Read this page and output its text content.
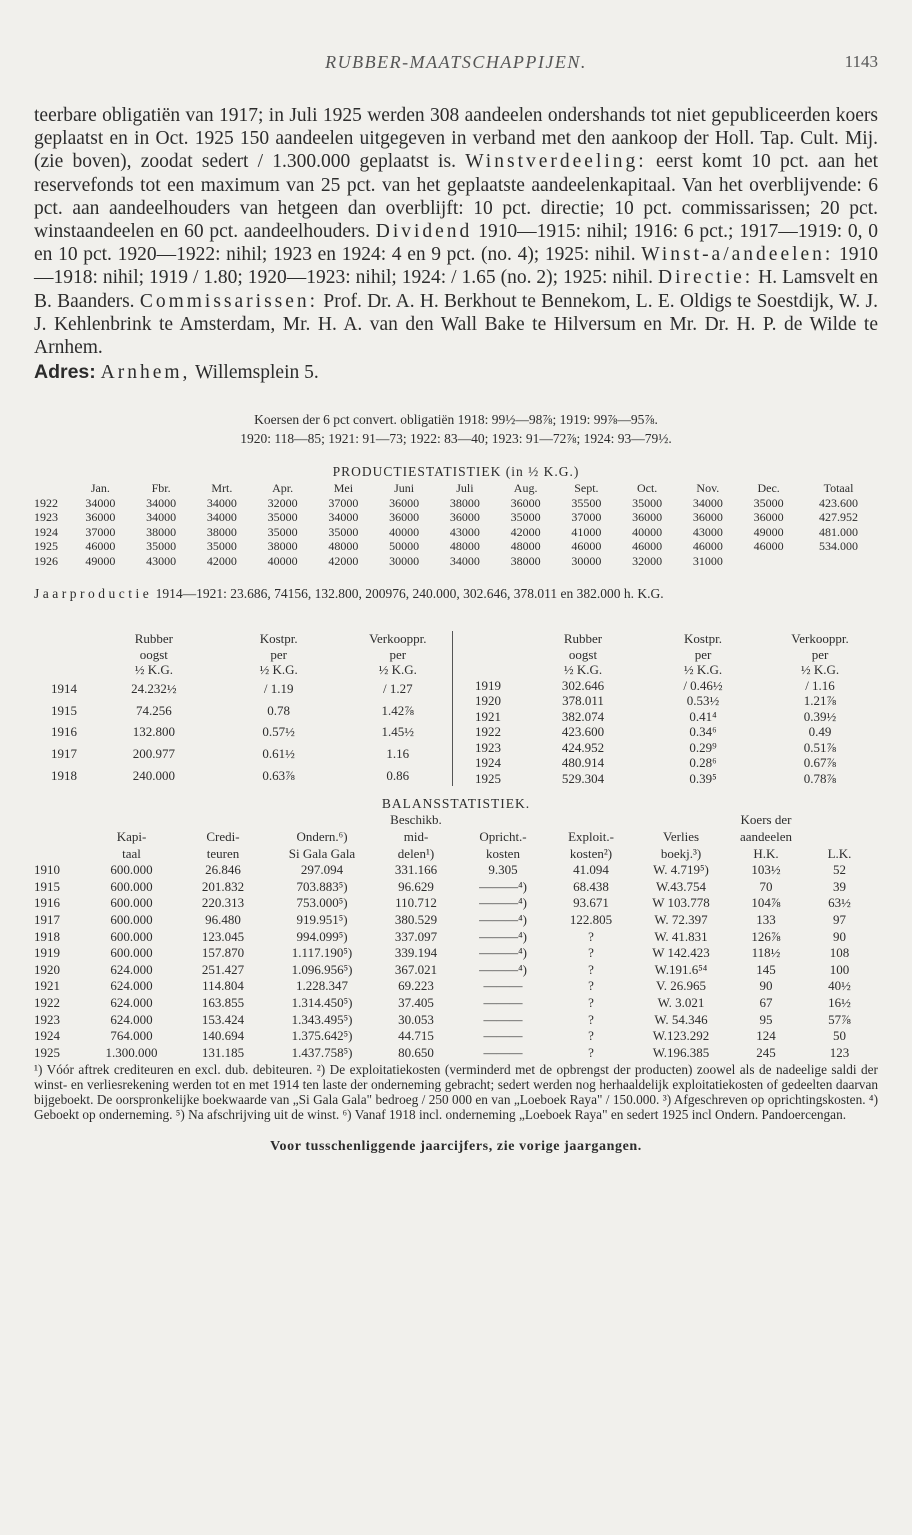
RUBBER-MAATSCHAPPIJEN.	1143
teerbare obligatiën van 1917; in Juli 1925 werden 308 aandeelen ondershands tot niet gepubliceerden koers geplaatst en in Oct. 1925 150 aandeelen uitgegeven in verband met den aankoop der Holl. Tap. Cult. Mij. (zie boven), zoodat sedert / 1.300.000 geplaatst is. Winstverdeeling: eerst komt 10 pct. aan het reservefonds tot een maximum van 25 pct. van het geplaatste aandeelenkapitaal. Van het overblijvende: 6 pct. aan aandeelhouders van hetgeen dan overblijft: 10 pct. directie; 10 pct. commissarissen; 20 pct. winstaandeelen en 60 pct. aandeelhouders. Dividend 1910—1915: nihil; 1916: 6 pct.; 1917—1919: 0, 0 en 10 pct. 1920—1922: nihil; 1923 en 1924: 4 en 9 pct. (no. 4); 1925: nihil. Winst-a/andeelen: 1910—1918: nihil; 1919 / 1.80; 1920—1923: nihil; 1924: / 1.65 (no. 2); 1925: nihil. Directie: H. Lamsvelt en B. Baanders. Commissarissen: Prof. Dr. A. H. Berkhout te Bennekom, L. E. Oldigs te Soestdijk, W. J. J. Kehlenbrink te Amsterdam, Mr. H. A. van den Wall Bake te Hilversum en Mr. Dr. H. P. de Wilde te Arnhem.
Adres: Arnhem, Willemsplein 5.
Koersen der 6 pct convert. obligatiën 1918: 99½—98⅞; 1919: 99⅞—95⅞.
1920: 118—85; 1921: 91—73; 1922: 83—40; 1923: 91—72⅞; 1924: 93—79½.
PRODUCTIESTATISTIEK (in ½ K.G.)
	Jan.	Fbr.	Mrt.	Apr.	Mei	Juni	Juli	Aug.	Sept.	Oct.	Nov.	Dec.	Totaal
1922	34000	34000	34000	32000	37000	36000	38000	36000	35500	35000	34000	35000	423.600
1923	36000	34000	34000	35000	34000	36000	36000	35000	37000	36000	36000	36000	427.952
1924	37000	38000	38000	35000	35000	40000	43000	42000	41000	40000	43000	49000	481.000
1925	46000	35000	35000	38000	48000	50000	48000	48000	46000	46000	46000	46000	534.000
1926	49000	43000	42000	40000	42000	30000	34000	38000	30000	32000	31000		
Jaarproductie 1914—1921: 23.686, 74156, 132.800, 200976, 240.000, 302.646, 378.011 en 382.000 h. K.G.
	Rubber	Kostpr.	Verkooppr.
	oogst	per	per
	½ K.G.	½ K.G.	½ K.G.
1914	24.232½	/ 1.19	/ 1.27
1915	74.256	0.78	1.42⅞
1916	132.800	0.57½	1.45½
1917	200.977	0.61½	1.16
1918	240.000	0.63⅞	0.86
	Rubber	Kostpr.	Verkooppr.
	oogst	per	per
	½ K.G.	½ K.G.	½ K.G.
1919	302.646	/ 0.46½	/ 1.16
1920	378.011	0.53½	1.21⅞
1921	382.074	0.41⁴	0.39½
1922	423.600	0.34⁶	0.49
1923	424.952	0.29⁹	0.51⅞
1924	480.914	0.28⁶	0.67⅞
1925	529.304	0.39⁵	0.78⅞
BALANSSTATISTIEK.
				Beschikb.				Koers der	
	Kapi-	Credi-	Ondern.⁶)	mid-	Opricht.-	Exploit.-	Verlies	aandeelen	
	taal	teuren	Si Gala Gala	delen¹)	kosten	kosten²)	boekj.³)	H.K.	L.K.
1910	600.000	26.846	297.094	331.166	9.305	41.094	W. 4.719⁵)	103½	52
1915	600.000	201.832	703.883⁵)	96.629	———⁴)	68.438	W.43.754	70	39
1916	600.000	220.313	753.000⁵)	110.712	———⁴)	93.671	W 103.778	104⅞	63½
1917	600.000	96.480	919.951⁵)	380.529	———⁴)	122.805	W. 72.397	133	97
1918	600.000	123.045	994.099⁵)	337.097	———⁴)	?	W. 41.831	126⅞	90
1919	600.000	157.870	1.117.190⁵)	339.194	———⁴)	?	W 142.423	118½	108
1920	624.000	251.427	1.096.956⁵)	367.021	———⁴)	?	W.191.6⁵⁴	145	100
1921	624.000	114.804	1.228.347	69.223	———	?	V. 26.965	90	40½
1922	624.000	163.855	1.314.450⁵)	37.405	———	?	W. 3.021	67	16½
1923	624.000	153.424	1.343.495⁵)	30.053	———	?	W. 54.346	95	57⅞
1924	764.000	140.694	1.375.642⁵)	44.715	———	?	W.123.292	124	50
1925	1.300.000	131.185	1.437.758⁵)	80.650	———	?	W.196.385	245	123
¹) Vóór aftrek crediteuren en excl. dub. debiteuren. ²) De exploitatiekosten (verminderd met de opbrengst der producten) zoowel als de nadeelige saldi der winst- en verliesrekening werden tot en met 1914 ten laste der onderneming gebracht; sedert werden nog herhaaldelijk exploitatiekosten of gedeelten daarvan bijgeboekt. De oorspronkelijke boekwaarde van „Si Gala Gala" bedroeg / 250 000 en van „Loeboek Raya" / 150.000. ³) Afgeschreven op oprichtingskosten. ⁴) Geboekt op onderneming. ⁵) Na afschrijving uit de winst. ⁶) Vanaf 1918 incl. onderneming „Loeboek Raya" en sedert 1925 incl Ondern. Pandoercengan.
Voor tusschenliggende jaarcijfers, zie vorige jaargangen.
